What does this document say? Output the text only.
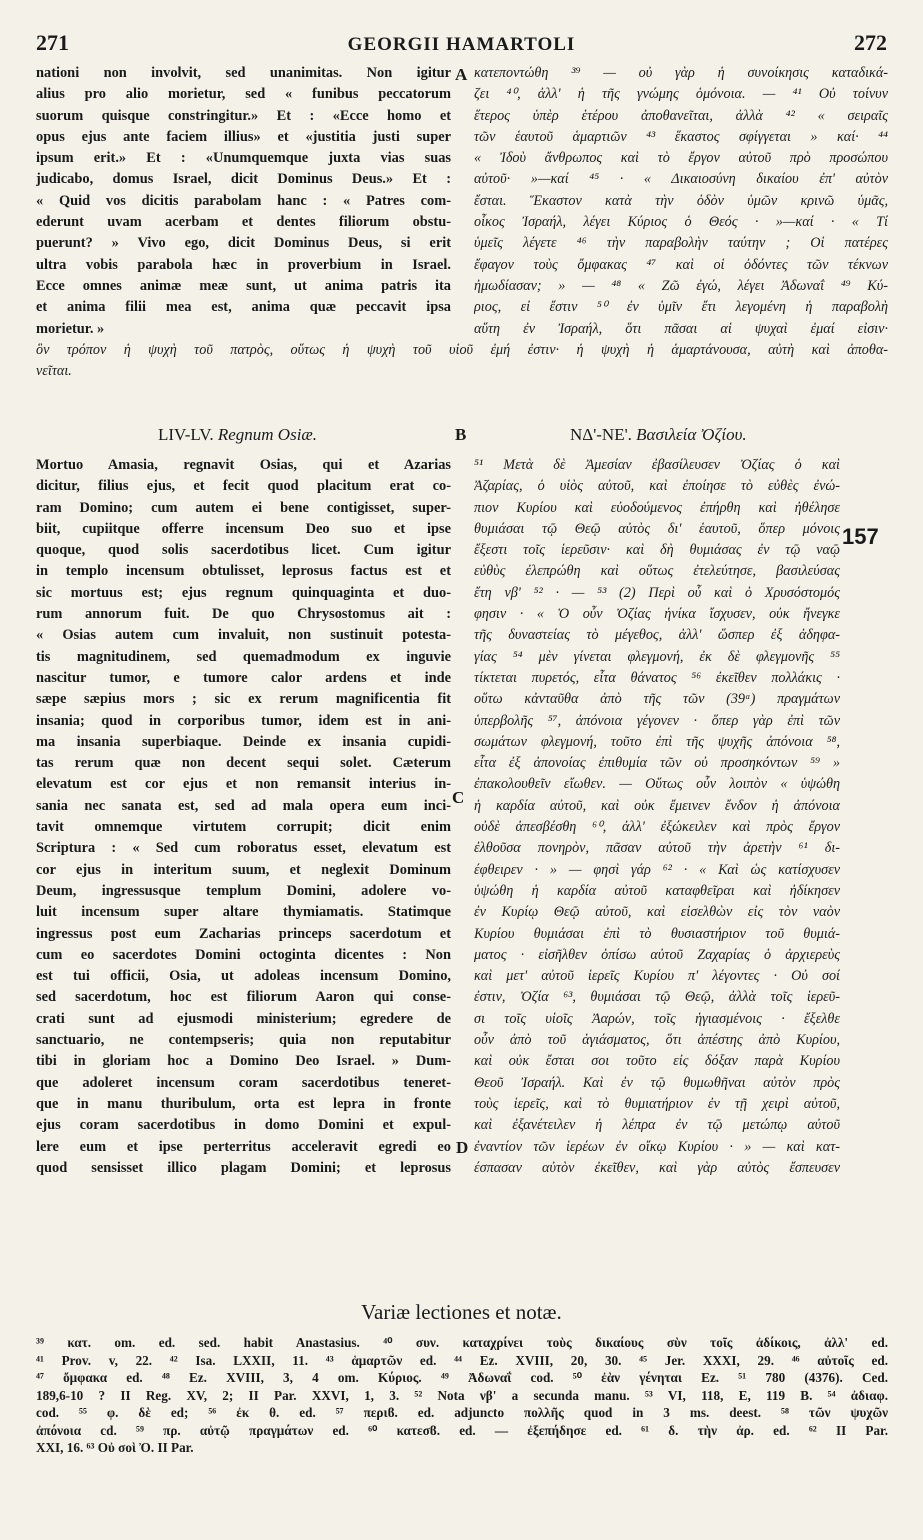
271	GEORGII HAMARTOLI	272
nationi non involvit, sed unanimitas. Non igitur
alius pro alio morietur, sed « funibus peccatorum
suorum quisque constringitur.» Et : «Ecce homo et
opus ejus ante faciem illius» et «justitia justi super
ipsum erit.» Et : «Unumquemque juxta vias suas
judicabo, domus Israel, dicit Dominus Deus.» Et :
« Quid vos dicitis parabolam hanc : « Patres com-
ederunt uvam acerbam et dentes filiorum obstu-
puerunt? » Vivo ego, dicit Dominus Deus, si erit
ultra vobis parabola hæc in proverbium in Israel.
Ecce omnes animæ meæ sunt, ut anima patris ita
et anima filii mea est, anima quæ peccavit ipsa
morietur. »
κατεποντώθη ³⁹ — οὐ γὰρ ἡ συνοίκησις καταδικά-
ζει ⁴⁰, ἀλλ' ἡ τῆς γνώμης ὁμόνοια. — ⁴¹ Οὐ τοίνυν
ἕτερος ὑπὲρ ἑτέρου ἀποθανεῖται, ἀλλὰ ⁴² « σειραῖς
τῶν ἑαυτοῦ ἁμαρτιῶν ⁴³ ἕκαστος σφίγγεται » καί· ⁴⁴
« Ἰδοὺ ἄνθρωπος καὶ τὸ ἔργον αὐτοῦ πρὸ προσώπου
αὐτοῦ· »—καί ⁴⁵ · « Δικαιοσύνη δικαίου ἐπ' αὐτὸν
ἔσται. Ἕκαστον κατὰ τὴν ὁδὸν ὑμῶν κρινῶ ὑμᾶς,
οἶκος Ἰσραήλ, λέγει Κύριος ὁ Θεός · »—καί · « Τί
ὑμεῖς λέγετε ⁴⁶ τὴν παραβολὴν ταύτην ; Οἱ πατέρες
ἔφαγον τοὺς ὄμφακας ⁴⁷ καὶ οἱ ὀδόντες τῶν τέκνων
ἠμωδίασαν; » — ⁴⁸ « Ζῶ ἐγώ, λέγει Ἀδωναΐ ⁴⁹ Κύ-
ριος, εἰ ἔστιν ⁵⁰ ἐν ὑμῖν ἔτι λεγομένη ἡ παραβολὴ
αὕτη ἐν Ἰσραήλ, ὅτι πᾶσαι αἱ ψυχαὶ ἐμαί εἰσιν·
A
ὃν τρόπον ἡ ψυχὴ τοῦ πατρὸς, οὕτως ἡ ψυχὴ τοῦ υἱοῦ ἐμή ἐστιν· ἡ ψυχὴ ἡ ἁμαρτάνουσα, αὐτὴ καὶ ἀποθα-
νεῖται.
LIV-LV. Regnum Osiæ.	B	ΝΔ'-ΝΕ'. Βασιλεία Ὀζίου.
Mortuo Amasia, regnavit Osias, qui et Azarias
dicitur, filius ejus, et fecit quod placitum erat co-
ram Domino; cum autem ei bene contigisset, super-
biit, cupiitque offerre incensum Deo suo et ipse
quoque, quod solis sacerdotibus licet. Cum igitur
in templo incensum obtulisset, leprosus factus est et
sic mortuus est; ejus regnum quinquaginta et duo-
rum annorum fuit. De quo Chrysostomus ait :
« Osias autem cum invaluit, non sustinuit potesta-
tis magnitudinem, sed quemadmodum ex inguvie
nascitur tumor, e tumore calor ardens et inde
sæpe sæpius mors ; sic ex rerum magnificentia fit
insania; quod in corporibus tumor, idem est in ani-
ma insania superbiaque. Deinde ex insania cupidi-
tas rerum quæ non decent sequi solet. Cæterum
elevatum est cor ejus et non remansit interius in-
sania nec sanata est, sed ad mala opera eum inci-
tavit omnemque virtutem corrupit; dicit enim
Scriptura : « Sed cum roboratus esset, elevatum est
cor ejus in interitum suum, et neglexit Dominum
Deum, ingressusque templum Domini, adolere vo-
luit incensum super altare thymiamatis. Statimque
ingressus post eum Zacharias princeps sacerdotum et
cum eo sacerdotes Domini octoginta dicentes : Non
est tui officii, Osia, ut adoleas incensum Domino,
sed sacerdotum, hoc est filiorum Aaron qui conse-
crati sunt ad ejusmodi ministerium; egredere de
sanctuario, ne contempseris; quia non reputabitur
tibi in gloriam hoc a Domino Deo Israel. » Dum-
que adoleret incensum coram sacerdotibus teneret-
que in manu thuribulum, orta est lepra in fronte
ejus coram sacerdotibus in domo Domini et expul-
lere eum et ipse perterritus acceleravit egredi eo
quod sensisset illico plagam Domini; et leprosus
⁵¹ Μετὰ δὲ Ἀμεσίαν ἐβασίλευσεν Ὀζίας ὁ καὶ
Ἀζαρίας, ὁ υἱὸς αὐτοῦ, καὶ ἐποίησε τὸ εὐθὲς ἐνώ-
πιον Κυρίου καὶ εὐοδούμενος ἐπήρθη καὶ ἠθέλησε
θυμιάσαι τῷ Θεῷ αὐτὸς δι' ἑαυτοῦ, ὅπερ μόνοις
ἔξεστι τοῖς ἱερεῦσιν· καὶ δὴ θυμιάσας ἐν τῷ ναῷ
εὐθὺς ἐλεπρώθη καὶ οὕτως ἐτελεύτησε, βασιλεύσας
ἔτη νβ' ⁵² · — ⁵³ (2) Περὶ οὗ καὶ ὁ Χρυσόστομός
φησιν · « Ὁ οὖν Ὀζίας ἡνίκα ἴσχυσεν, οὐκ ἤνεγκε
τῆς δυναστείας τὸ μέγεθος, ἀλλ' ὥσπερ ἐξ ἀδηφα-
γίας ⁵⁴ μὲν γίνεται φλεγμονή, ἐκ δὲ φλεγμονῆς ⁵⁵
τίκτεται πυρετός, εἶτα θάνατος ⁵⁶ ἐκεῖθεν πολλάκις ·
οὕτω κἀνταῦθα ἀπὸ τῆς τῶν (39ᵃ) πραγμάτων
ὑπερβολῆς ⁵⁷, ἀπόνοια γέγονεν · ὅπερ γὰρ ἐπὶ τῶν
σωμάτων φλεγμονή, τοῦτο ἐπὶ τῆς ψυχῆς ἀπόνοια ⁵⁸,
εἶτα ἐξ ἀπονοίας ἐπιθυμία τῶν οὐ προσηκόντων ⁵⁹ »
ἐπακολουθεῖν εἴωθεν. — Οὕτως οὖν λοιπὸν « ὑψώθη
ἡ καρδία αὐτοῦ, καὶ οὐκ ἔμεινεν ἔνδον ἡ ἀπόνοια
οὐδὲ ἀπεσβέσθη ⁶⁰, ἀλλ' ἐξώκειλεν καὶ πρὸς ἔργον
ἐλθοῦσα πονηρὸν, πᾶσαν αὐτοῦ τὴν ἀρετὴν ⁶¹ δι-
έφθειρεν · » — φησὶ γάρ ⁶² · « Καὶ ὡς κατίσχυσεν
ὑψώθη ἡ καρδία αὐτοῦ καταφθεῖραι καὶ ἠδίκησεν
ἐν Κυρίῳ Θεῷ αὐτοῦ, καὶ εἰσελθὼν εἰς τὸν ναὸν
Κυρίου θυμιάσαι ἐπὶ τὸ θυσιαστήριον τοῦ θυμιά-
ματος · εἰσῆλθεν ὀπίσω αὐτοῦ Ζαχαρίας ὁ ἀρχιερεὺς
καὶ μετ' αὐτοῦ ἱερεῖς Κυρίου π' λέγοντες · Οὐ σοί
ἐστιν, Ὀζία ⁶³, θυμιάσαι τῷ Θεῷ, ἀλλὰ τοῖς ἱερεῦ-
σι τοῖς υἱοῖς Ἀαρών, τοῖς ἡγιασμένοις · ἔξελθε
οὖν ἀπὸ τοῦ ἁγιάσματος, ὅτι ἀπέστης ἀπὸ Κυρίου,
καὶ οὐκ ἔσται σοι τοῦτο εἰς δόξαν παρὰ Κυρίου
Θεοῦ Ἰσραήλ. Καὶ ἐν τῷ θυμωθῆναι αὐτὸν πρὸς
τοὺς ἱερεῖς, καὶ τὸ θυμιατήριον ἐν τῇ χειρὶ αὐτοῦ,
καὶ ἐξανέτειλεν ἡ λέπρα ἐν τῷ μετώπῳ αὐτοῦ
ἐναντίον τῶν ἱερέων ἐν οἴκῳ Κυρίου · » — καὶ κατ-
έσπασαν αὐτὸν ἐκεῖθεν, καὶ γὰρ αὐτὸς ἔσπευσεν
157
C
D
Variæ lectiones et notæ.
³⁹ κατ. om. ed. sed. habit Anastasius. ⁴⁰ συν. καταχρίνει τοὺς δικαίους σὺν τοῖς ἀδίκοις, ἀλλ' ed.
⁴¹ Prov. v, 22. ⁴² Isa. LXXII, 11. ⁴³ ἁμαρτῶν ed. ⁴⁴ Ez. XVIII, 20, 30. ⁴⁵ Jer. XXXI, 29. ⁴⁶ αὐτοῖς ed.
⁴⁷ ὄμφακα ed. ⁴⁸ Ez. XVIII, 3, 4 om. Κύριος. ⁴⁹ Ἀδωναΐ cod. ⁵⁰ ἐὰν γένηται Ez. ⁵¹ 780 (4376). Ced.
189,6-10 ? II Reg. XV, 2; II Par. XXVI, 1, 3. ⁵² Nota νβ' a secunda manu. ⁵³ VI, 118, E, 119 B. ⁵⁴ ἀδιαφ.
cod. ⁵⁵ φ. δὲ ed; ⁵⁶ ἐκ θ. ed. ⁵⁷ περιϐ. ed. adjuncto πολλῆς quod in 3 ms. deest. ⁵⁸ τῶν ψυχῶν
ἀπόνοια cd. ⁵⁹ πρ. αὐτῷ πραγμάτων ed. ⁶⁰ κατεσϐ. ed. — ἐξεπήδησε ed. ⁶¹ δ. τὴν ἀρ. ed. ⁶² II Par.
XXI, 16. ⁶³ Οὐ σοὶ Ὀ. II Par.
